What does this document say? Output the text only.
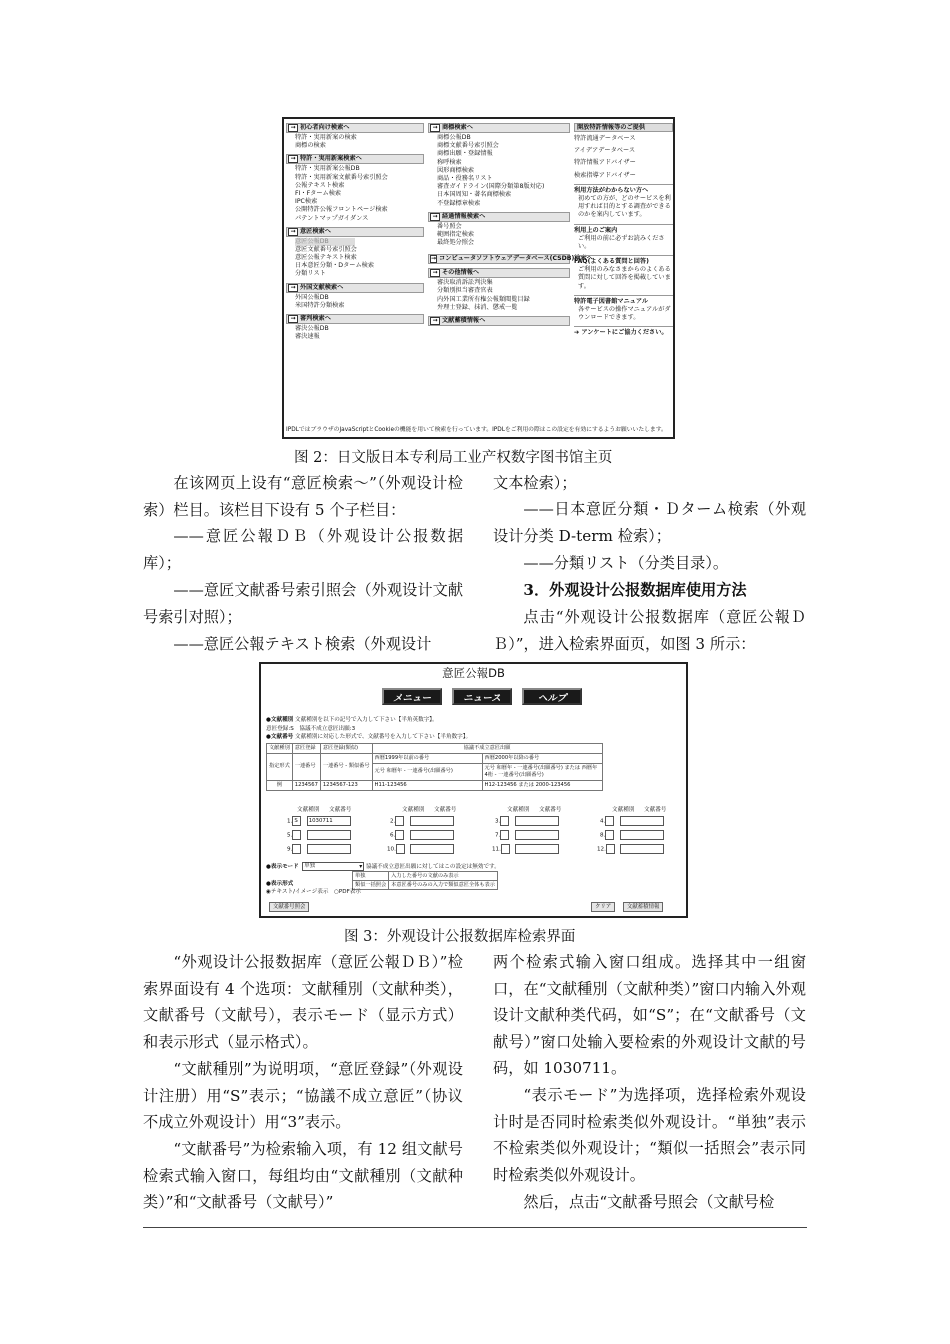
→ 初心者向け検索へ
特許・実用新案の検索
商標の検索
→ 特許・実用新案検索へ
特許・実用新案公報DB
特許・実用新案文献番号索引照会
公報テキスト検索
FI・Fターム検索
IPC検索
公開特許公報フロントページ検索
パテントマップガイダンス
→ 意匠検索へ
意匠公報DB
意匠文献番号索引照会
意匠公報テキスト検索
日本意匠分類・Dターム検索
分類リスト
→ 外国文献検索へ
外国公報DB
米国特許分類検索
→ 審判検索へ
審決公報DB
審決速報
→ 商標検索へ
商標公報DB
商標文献番号索引照会
商標出願・登録情報
称呼検索
図形商標検索
商品・役務名リスト
審査ガイドライン(国際分類第8版対応)
日本国周知・著名商標検索
不登録標章検索
→ 経過情報検索へ
番号照会
範囲指定検索
最終処分照会
→ コンピュータソフトウェアデータベース(CSDB)検索へ
→ その他情報へ
審決取消訴訟判決集
分類別担当審査官表
内外国工業所有権公報類閲覧目録
弁理士登録、抹消、懲戒一覧
→ 文献蓄積情報へ
開放特許情報等のご提供
特許流通データベース
アイデアデータベース
特許情報アドバイザー
検索指導アドバイザー
利用方法がわからない方へ
初めての方が、どのサービスを利用すれば目的とする調査ができるのかを案内しています。
利用上のご案内
ご利用の前に必ずお読みください。
FAQ(よくある質問と回答)
ご利用のみなさまからのよくある質問に対して回答を掲載しています。
特許電子図書館マニュアル
各サービスの操作マニュアルがダウンロードできます。
➔ アンケートにご協力ください。
IPDLではブラウザのJavaScriptとCookieの機能を用いて検索を行っています。IPDLをご利用の際はこの設定を有効にするようお願いいたします。
图 2：日文版日本专利局工业产权数字图书馆主页
在该网页上设有“意匠検索～”（外观设计检索）栏目。该栏目下设有 5 个子栏目：
——意匠公報ＤＢ（外观设计公报数据库）；
——意匠文献番号索引照会（外观设计文献号索引对照）；
——意匠公報テキスト検索（外观设计
文本检索）；
——日本意匠分類・Ｄターム検索（外观设计分类 D-term 检索）；
——分類リスト（分类目录）。
3．外观设计公报数据库使用方法
点击“外观设计公报数据库（意匠公報ＤＢ）”，进入检索界面页，如图 3 所示：
意匠公報DB
メニュー	ニュース	ヘルプ
●文献種別 文献種別を以下の記号で入力して下さい【半角英数字】。
意匠登録:S　協議不成立意匠出願:3
●文献番号 文献種別に対応した形式で、文献番号を入力して下さい【半角数字】。
文献種別	意匠登録	意匠登録(類似)	協議不成立意匠出願	
指定形式	一連番号	一連番号 - 類似番号	西暦1999年以前の番号	西暦2000年以降の番号
			元号 和暦年 - 一連番号(出願番号)	元号 和暦年 - 一連番号(出願番号) または 西暦年4桁 - 一連番号(出願番号)
例	1234567	1234567-123	H11-123456	H12-123456 または 2000-123456
文献種別 文献番号	文献種別 文献番号	文献種別 文献番号	文献種別 文献番号
1. S 1030711	2.	3.	4.
5.	6.	7.	8.
9.	10.	11.	12.
●表示モード 単独 ▾	協議不成立意匠出願に対してはこの設定は無効です。
単独	入力した番号の文献のみ表示
類似一括照会	本意匠番号のみの入力で類似意匠全体も表示
●表示形式
◉テキスト/イメージ表示　○PDF表示
文献番号照会	クリア	文献蓄積情報
图 3：外观设计公报数据库检索界面
“外观设计公报数据库（意匠公報ＤＢ）”检索界面设有 4 个选项：文献種別（文献种类），文献番号（文献号），表示モード（显示方式）和表示形式（显示格式）。
“文献種別”为说明项，“意匠登録”（外观设计注册）用“S”表示；“協議不成立意匠”（协议不成立外观设计）用“3”表示。
“文献番号”为检索输入项，有 12 组文献号检索式输入窗口，每组均由“文献種別（文献种类）”和“文献番号（文献号）”
两个检索式输入窗口组成。选择其中一组窗口，在“文献種別（文献种类）”窗口内输入外观设计文献种类代码，如“S”；在“文献番号（文献号）”窗口处输入要检索的外观设计文献的号码，如 1030711。
“表示モード”为选择项，选择检索外观设计时是否同时检索类似外观设计。“単独”表示不检索类似外观设计；“類似一括照会”表示同时检索类似外观设计。
然后，点击“文献番号照会（文献号检
